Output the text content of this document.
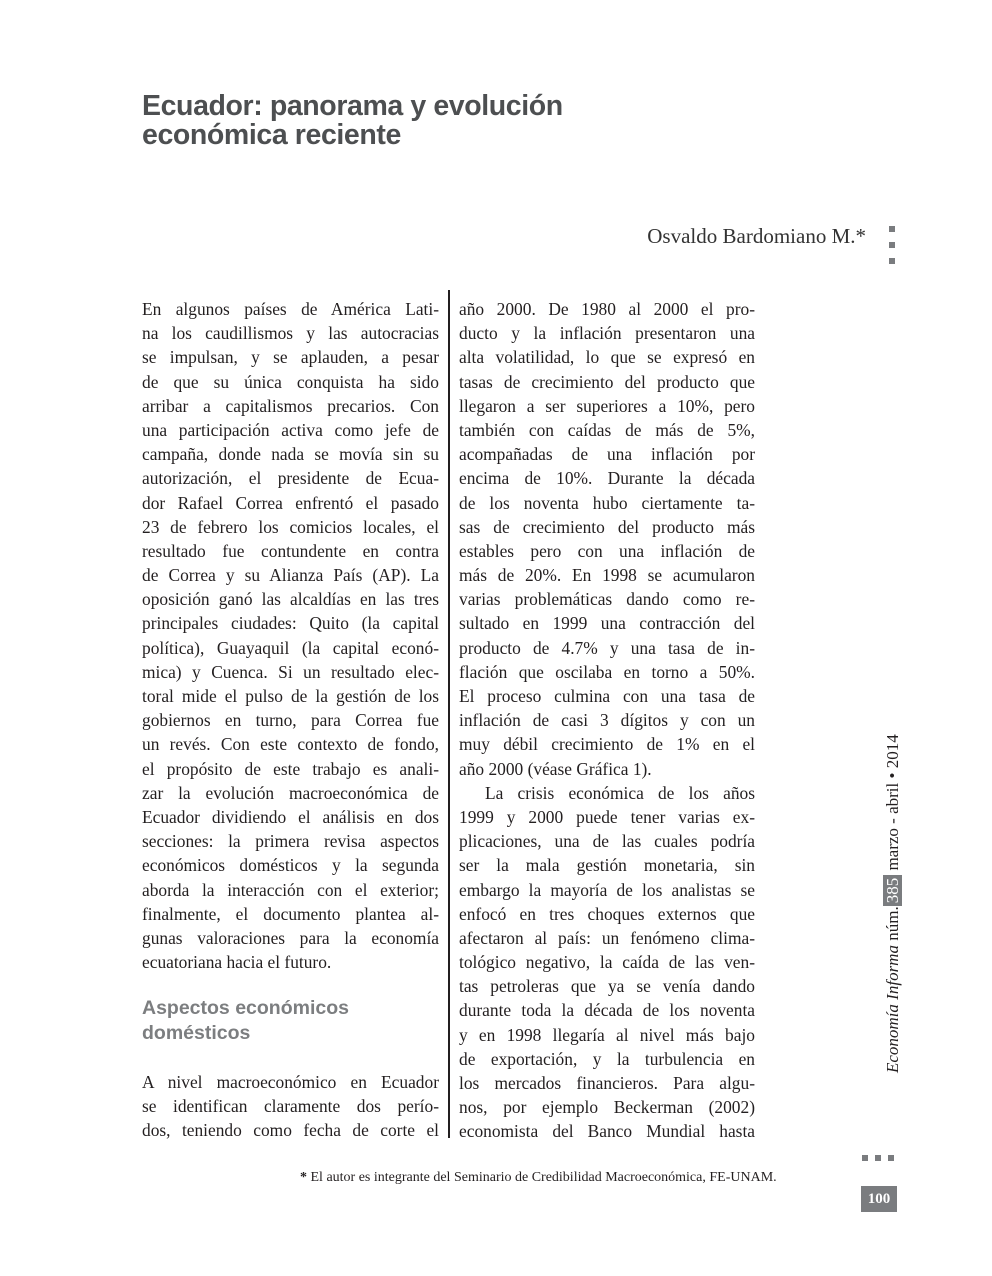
Ecuador: panorama y evolución
económica reciente
Osvaldo Bardomiano M.*
En algunos países de América Lati-
na los caudillismos y las autocracias
se impulsan, y se aplauden, a pesar
de que su única conquista ha sido
arribar a capitalismos precarios. Con
una participación activa como jefe de
campaña, donde nada se movía sin su
autorización, el presidente de Ecua-
dor Rafael Correa enfrentó el pasado
23 de febrero los comicios locales, el
resultado fue contundente en contra
de Correa y su Alianza País (AP). La
oposición ganó las alcaldías en las tres
principales ciudades: Quito (la capital
política), Guayaquil (la capital econó-
mica) y Cuenca. Si un resultado elec-
toral mide el pulso de la gestión de los
gobiernos en turno, para Correa fue
un revés. Con este contexto de fondo,
el propósito de este trabajo es anali-
zar la evolución macroeconómica de
Ecuador dividiendo el análisis en dos
secciones: la primera revisa aspectos
económicos domésticos y la segunda
aborda la interacción con el exterior;
finalmente, el documento plantea al-
gunas valoraciones para la economía
ecuatoriana hacia el futuro.
Aspectos económicos
domésticos
A nivel macroeconómico en Ecuador
se identifican claramente dos perío-
dos, teniendo como fecha de corte el
año 2000. De 1980 al 2000 el pro-
ducto y la inflación presentaron una
alta volatilidad, lo que se expresó en
tasas de crecimiento del producto que
llegaron a ser superiores a 10%, pero
también con caídas de más de 5%,
acompañadas de una inflación por
encima de 10%. Durante la década
de los noventa hubo ciertamente ta-
sas de crecimiento del producto más
estables pero con una inflación de
más de 20%. En 1998 se acumularon
varias problemáticas dando como re-
sultado en 1999 una contracción del
producto de 4.7% y una tasa de in-
flación que oscilaba en torno a 50%.
El proceso culmina con una tasa de
inflación de casi 3 dígitos y con un
muy débil crecimiento de 1% en el
año 2000 (véase Gráfica 1).
La crisis económica de los años
1999 y 2000 puede tener varias ex-
plicaciones, una de las cuales podría
ser la mala gestión monetaria, sin
embargo la mayoría de los analistas se
enfocó en tres choques externos que
afectaron al país: un fenómeno clima-
tológico negativo, la caída de las ven-
tas petroleras que ya se venía dando
durante toda la década de los noventa
y en 1998 llegaría al nivel más bajo
de exportación, y la turbulencia en
los mercados financieros. Para algu-
nos, por ejemplo Beckerman (2002)
economista del Banco Mundial hasta
Economía Informa núm.385 marzo - abril • 2014
* El autor es integrante del Seminario de Credibilidad Macroeconómica, FE-UNAM.
100
